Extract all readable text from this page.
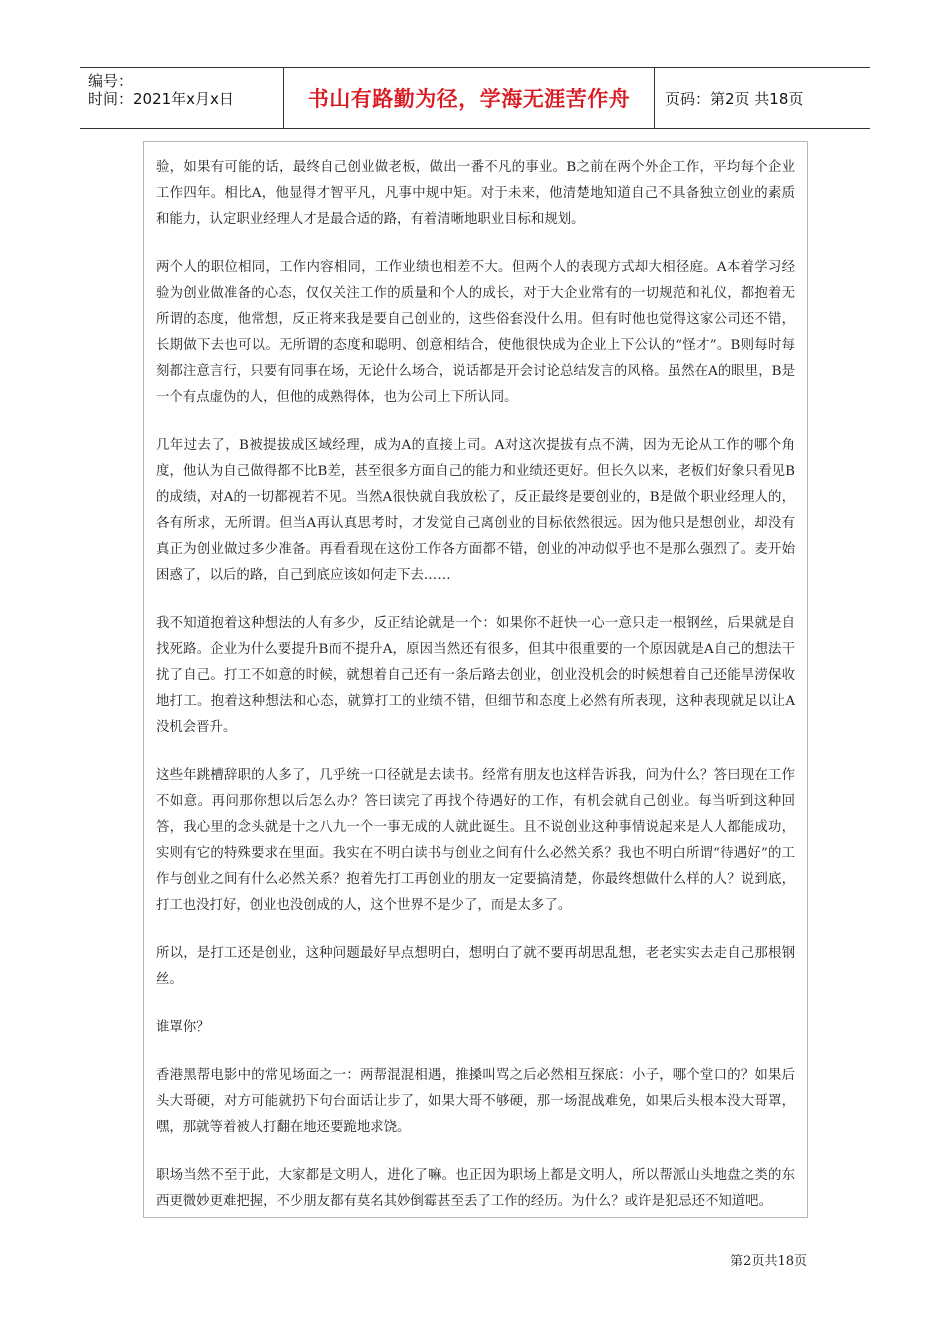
编号：
时间：2021年x月x日	书山有路勤为径，学海无涯苦作舟	页码：第2页 共18页

验，如果有可能的话，最终自己创业做老板，做出一番不凡的事业。B之前在两个外企工作，平均每个企业工作四年。相比A，他显得才智平凡，凡事中规中矩。对于未来，他清楚地知道自己不具备独立创业的素质和能力，认定职业经理人才是最合适的路，有着清晰地职业目标和规划。

两个人的职位相同，工作内容相同，工作业绩也相差不大。但两个人的表现方式却大相径庭。A本着学习经验为创业做准备的心态，仅仅关注工作的质量和个人的成长，对于大企业常有的一切规范和礼仪，都抱着无所谓的态度，他常想，反正将来我是要自己创业的，这些俗套没什么用。但有时他也觉得这家公司还不错，长期做下去也可以。无所谓的态度和聪明、创意相结合，使他很快成为企业上下公认的“怪才”。B则每时每刻都注意言行，只要有同事在场，无论什么场合，说话都是开会讨论总结发言的风格。虽然在A的眼里，B是一个有点虚伪的人，但他的成熟得体，也为公司上下所认同。

几年过去了，B被提拔成区域经理，成为A的直接上司。A对这次提拔有点不满，因为无论从工作的哪个角度，他认为自己做得都不比B差，甚至很多方面自己的能力和业绩还更好。但长久以来，老板们好象只看见B的成绩，对A的一切都视若不见。当然A很快就自我放松了，反正最终是要创业的，B是做个职业经理人的，各有所求，无所谓。但当A再认真思考时，才发觉自己离创业的目标依然很远。因为他只是想创业，却没有真正为创业做过多少准备。再看看现在这份工作各方面都不错，创业的冲动似乎也不是那么强烈了。麦开始困惑了，以后的路，自己到底应该如何走下去……

我不知道抱着这种想法的人有多少，反正结论就是一个：如果你不赶快一心一意只走一根钢丝，后果就是自找死路。企业为什么要提升B而不提升A，原因当然还有很多，但其中很重要的一个原因就是A自己的想法干扰了自己。打工不如意的时候，就想着自己还有一条后路去创业，创业没机会的时候想着自己还能旱涝保收地打工。抱着这种想法和心态，就算打工的业绩不错，但细节和态度上必然有所表现，这种表现就足以让A没机会晋升。

这些年跳槽辞职的人多了，几乎统一口径就是去读书。经常有朋友也这样告诉我，问为什么？答曰现在工作不如意。再问那你想以后怎么办？答曰读完了再找个待遇好的工作，有机会就自己创业。每当听到这种回答，我心里的念头就是十之八九一个一事无成的人就此诞生。且不说创业这种事情说起来是人人都能成功，实则有它的特殊要求在里面。我实在不明白读书与创业之间有什么必然关系？我也不明白所谓“待遇好”的工作与创业之间有什么必然关系？抱着先打工再创业的朋友一定要搞清楚，你最终想做什么样的人？说到底，打工也没打好，创业也没创成的人，这个世界不是少了，而是太多了。

所以，是打工还是创业，这种问题最好早点想明白，想明白了就不要再胡思乱想，老老实实去走自己那根钢丝。

谁罩你？

香港黑帮电影中的常见场面之一：两帮混混相遇，推搡叫骂之后必然相互探底：小子，哪个堂口的？如果后头大哥硬，对方可能就扔下句台面话让步了，如果大哥不够硬，那一场混战难免，如果后头根本没大哥罩，嘿，那就等着被人打翻在地还要跪地求饶。

职场当然不至于此，大家都是文明人，进化了嘛。也正因为职场上都是文明人，所以帮派山头地盘之类的东西更微妙更难把握，不少朋友都有莫名其妙倒霉甚至丢了工作的经历。为什么？或许是犯忌还不知道吧。

第2页共18页
